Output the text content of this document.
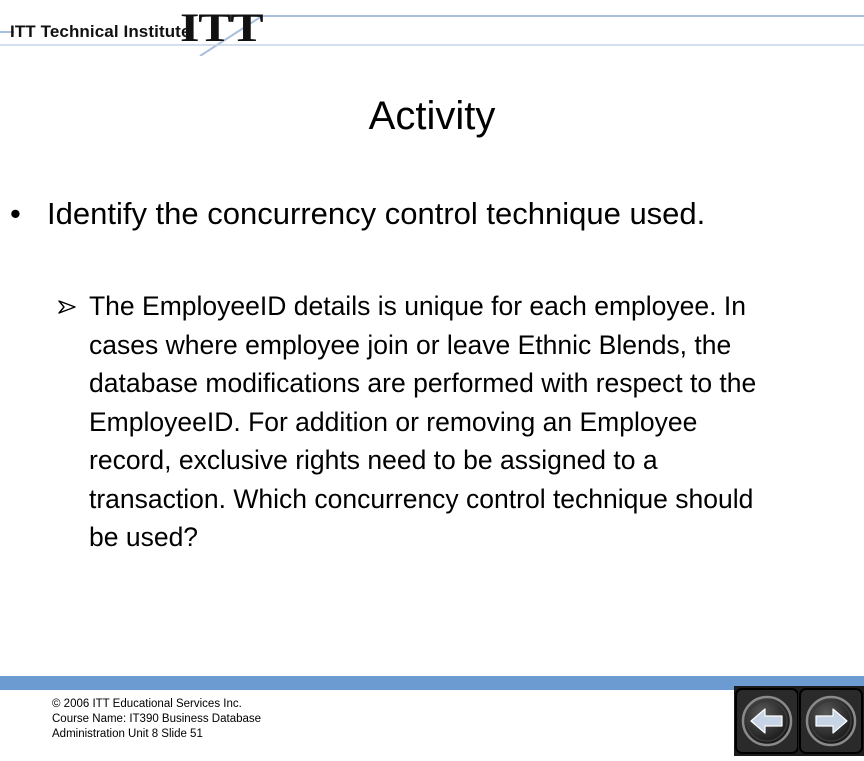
ITT Technical Institute
ITT
Activity
• Identify the concurrency control technique used.
The EmployeeID details is unique for each employee. In cases where employee join or leave Ethnic Blends, the database modifications are performed with respect to the EmployeeID. For addition or removing an Employee record, exclusive rights need to be assigned to a transaction. Which concurrency control technique should be used?
© 2006 ITT Educational Services Inc.
Course Name: IT390 Business Database
Administration Unit 8 Slide 51
